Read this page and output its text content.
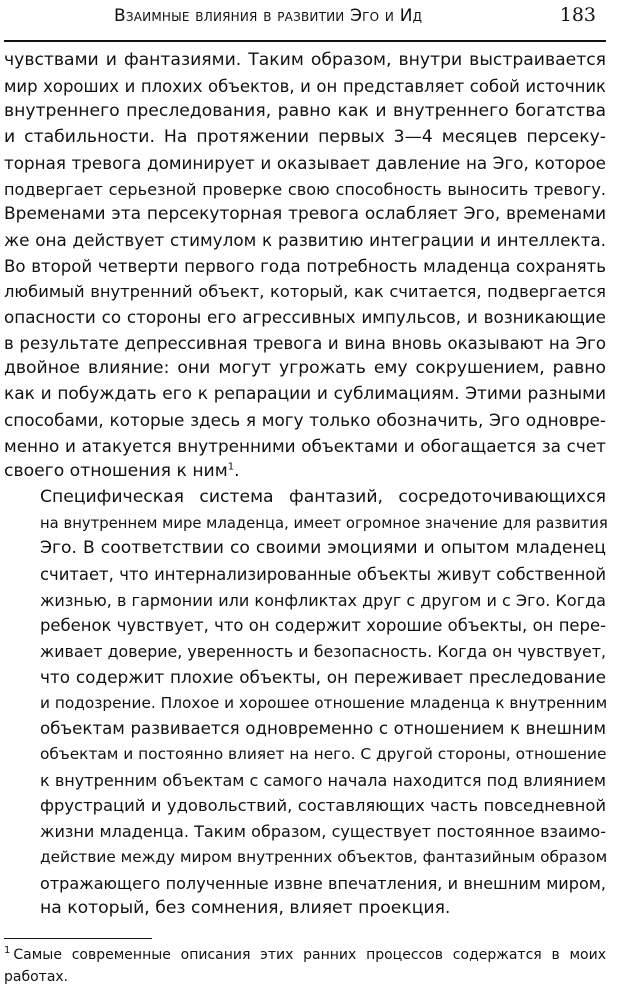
Взаимные влияния в развитии Эго и Ид	183

чувствами и фантазиями. Таким образом, внутри выстраивается
мир хороших и плохих объектов, и он представляет собой источник
внутреннего преследования, равно как и внутреннего богатства
и стабильности. На протяжении первых 3—4 месяцев персеку-
торная тревога доминирует и оказывает давление на Эго, которое
подвергает серьезной проверке свою способность выносить тревогу.
Временами эта персекуторная тревога ослабляет Эго, временами
же она действует стимулом к развитию интеграции и интеллекта.
Во второй четверти первого года потребность младенца сохранять
любимый внутренний объект, который, как считается, подвергается
опасности со стороны его агрессивных импульсов, и возникающие
в результате депрессивная тревога и вина вновь оказывают на Эго
двойное влияние: они могут угрожать ему сокрушением, равно
как и побуждать его к репарации и сублимациям. Этими разными
способами, которые здесь я могу только обозначить, Эго одновре-
менно и атакуется внутренними объектами и обогащается за счет
своего отношения к ним$^1$.

Специфическая система фантазий, сосредоточивающихся
на внутреннем мире младенца, имеет огромное значение для развития
Эго. В соответствии со своими эмоциями и опытом младенец
считает, что интернализированные объекты живут собственной
жизнью, в гармонии или конфликтах друг с другом и с Эго. Когда
ребенок чувствует, что он содержит хорошие объекты, он пере-
живает доверие, уверенность и безопасность. Когда он чувствует,
что содержит плохие объекты, он переживает преследование
и подозрение. Плохое и хорошее отношение младенца к внутренним
объектам развивается одновременно с отношением к внешним
объектам и постоянно влияет на него. С другой стороны, отношение
к внутренним объектам с самого начала находится под влиянием
фрустраций и удовольствий, составляющих часть повседневной
жизни младенца. Таким образом, существует постоянное взаимо-
действие между миром внутренних объектов, фантазийным образом
отражающего полученные извне впечатления, и внешним миром,
на который, без сомнения, влияет проекция.

$^1$ Самые современные описания этих ранних процессов содержатся в моих работах.
